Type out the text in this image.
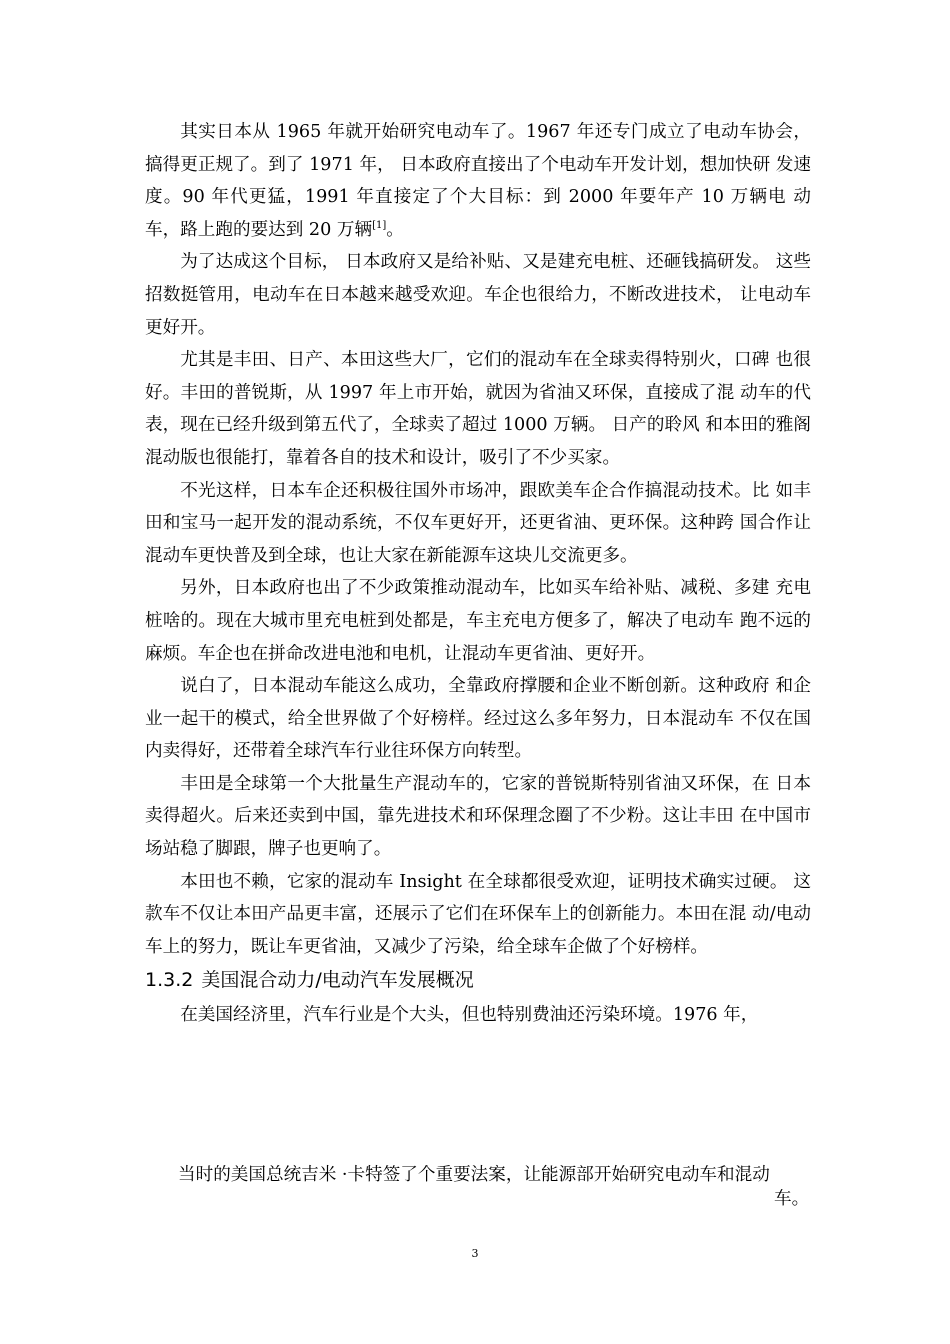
其实日本从 1965 年就开始研究电动车了。1967 年还专门成立了电动车协会， 搞得更正规了。到了 1971 年， 日本政府直接出了个电动车开发计划，想加快研 发速度。90 年代更猛，1991 年直接定了个大目标：到 2000 年要年产 10 万辆电 动车，路上跑的要达到 20 万辆[1]。

为了达成这个目标， 日本政府又是给补贴、又是建充电桩、还砸钱搞研发。 这些招数挺管用，电动车在日本越来越受欢迎。车企也很给力，不断改进技术， 让电动车更好开。

尤其是丰田、日产、本田这些大厂，它们的混动车在全球卖得特别火，口碑 也很好。丰田的普锐斯，从 1997 年上市开始，就因为省油又环保，直接成了混 动车的代表，现在已经升级到第五代了，全球卖了超过 1000 万辆。 日产的聆风 和本田的雅阁混动版也很能打，靠着各自的技术和设计，吸引了不少买家。

不光这样，日本车企还积极往国外市场冲，跟欧美车企合作搞混动技术。比 如丰田和宝马一起开发的混动系统，不仅车更好开，还更省油、更环保。这种跨 国合作让混动车更快普及到全球，也让大家在新能源车这块儿交流更多。

另外，日本政府也出了不少政策推动混动车，比如买车给补贴、减税、多建 充电桩啥的。现在大城市里充电桩到处都是，车主充电方便多了，解决了电动车 跑不远的麻烦。车企也在拼命改进电池和电机，让混动车更省油、更好开。

说白了，日本混动车能这么成功，全靠政府撑腰和企业不断创新。这种政府 和企业一起干的模式，给全世界做了个好榜样。经过这么多年努力，日本混动车 不仅在国内卖得好，还带着全球汽车行业往环保方向转型。

丰田是全球第一个大批量生产混动车的，它家的普锐斯特别省油又环保，在 日本卖得超火。后来还卖到中国，靠先进技术和环保理念圈了不少粉。这让丰田 在中国市场站稳了脚跟，牌子也更响了。

本田也不赖，它家的混动车 Insight 在全球都很受欢迎，证明技术确实过硬。 这款车不仅让本田产品更丰富，还展示了它们在环保车上的创新能力。本田在混 动/电动车上的努力，既让车更省油，又减少了污染，给全球车企做了个好榜样。

1.3.2 美国混合动力/电动汽车发展概况

在美国经济里，汽车行业是个大头，但也特别费油还污染环境。1976 年，

当时的美国总统吉米 ·卡特签了个重要法案，让能源部开始研究电动车和混动
车。
3
